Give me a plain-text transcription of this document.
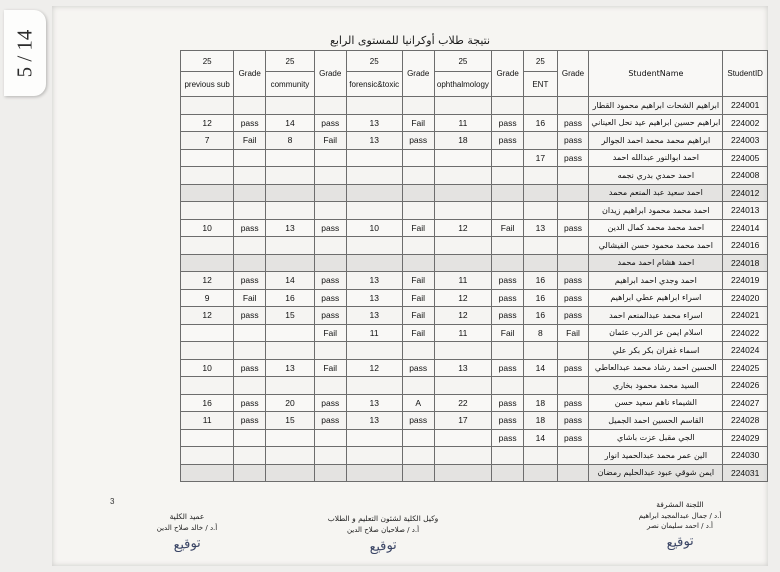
5 / 14	نتيجة طلاب أوكرانيا للمستوى الرابع
StudentID	StudentName	Grade	25	Grade	25	Grade	25	Grade	25	Grade	25
			ENT		ophthalmology		forensic&toxic		community		previous sub
224001	ابراهيم الشحات ابراهيم محمود القطار										
224002	ابراهيم حسين ابراهيم عيد نحل العيناني	pass	16	pass	11	Fail	13	pass	14	pass	12
224003	ابراهيم محمد محمد احمد الجوالر	pass		pass	18	pass	13	Fail	8	Fail	7
224005	احمد ابوالنور عبدالله احمد	pass	17								
224008	احمد حمدي بدري نجمه										
224012	احمد سعيد عبد المنعم محمد										
224013	احمد محمد محمود ابراهيم زيدان										
224014	احمد محمد محمد كمال الدين	pass	13	Fail	12	Fail	10	pass	13	pass	10
224016	احمد محمد محمود حسن الفيشالي										
224018	احمد هشام احمد محمد										
224019	احمد وجدي احمد ابراهيم	pass	16	pass	11	Fail	13	pass	14	pass	12
224020	اسراء ابراهيم عطي ابراهيم	pass	16	pass	12	Fail	13	pass	16	Fail	9
224021	اسراء محمد عبدالمنعم احمد	pass	16	pass	12	Fail	13	pass	15	pass	12
224022	اسلام ايمن عز الدرب عثمان	Fail	8	Fail	11	Fail	11	Fail			
224024	اسماء غفران بكر بكر علي										
224025	الحسين احمد رشاد محمد عبدالعاطي	pass	14	pass	13	pass	12	Fail	13	pass	10
224026	السيد محمد محمود بخاري										
224027	الشيماء ناهم سعيد حسن	pass	18	pass	22	A	13	pass	20	pass	16
224028	القاسم الحسين احمد الجميل	pass	18	pass	17	pass	13	pass	15	pass	11
224029	الجي مقبل عزت باشاي	pass	14	pass							
224030	الين عمر محمد عبدالحميد انوار										
224031	ايمن شوقي عبود عبدالحليم رمضان										
3	اللجنة المشرفة
أ.د / جمال عبدالمجيد ابراهيم
أ.د / احمد سليمان نصر
توقيع
وكيل الكلية لشئون التعليم و الطلاب
أ.د / صلاحيان صلاح الدين
توقيع
عميد الكلية
أ.د / خالد صلاح الدين
توقيع
